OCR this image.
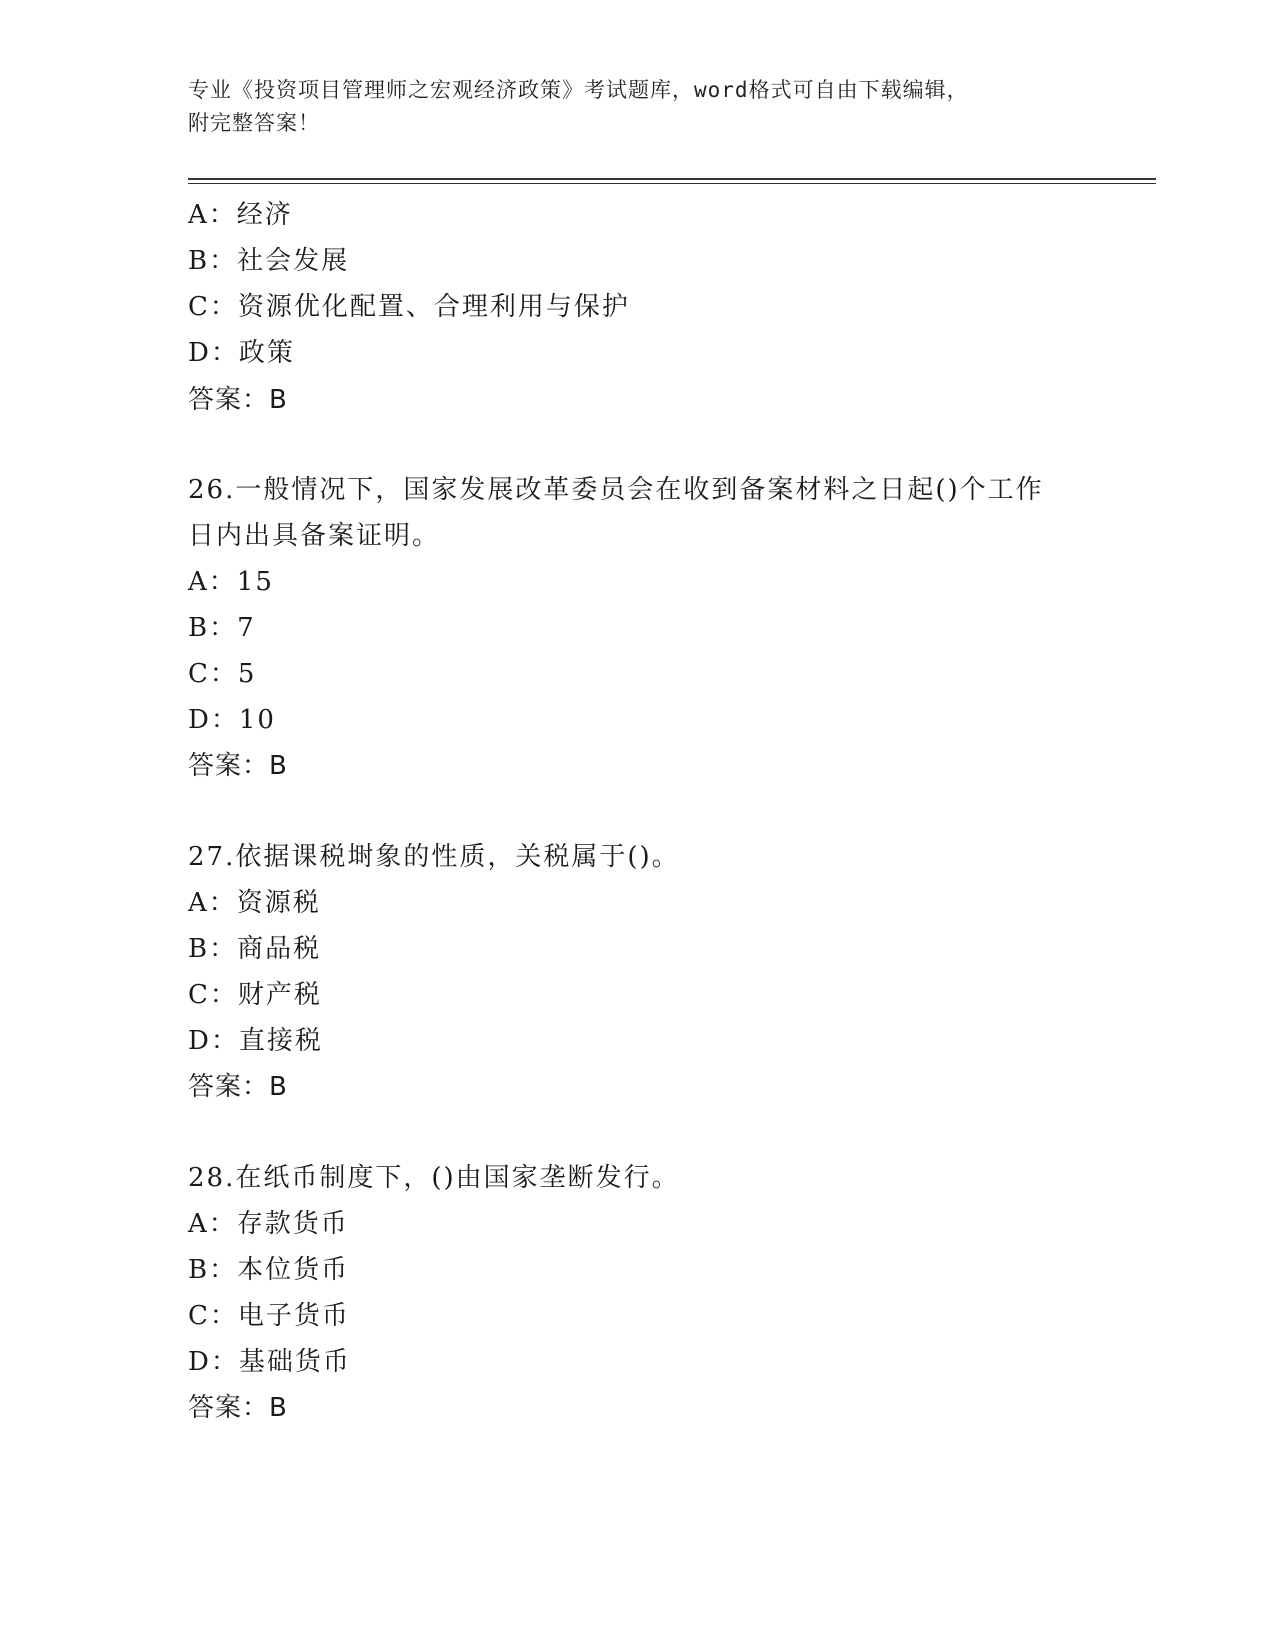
专业《投资项目管理师之宏观经济政策》考试题库，word格式可自由下载编辑，
附完整答案！
A：经济
B：社会发展
C：资源优化配置、合理利用与保护
D：政策
答案：B
26.一般情况下，国家发展改革委员会在收到备案材料之日起()个工作
日内出具备案证明。
A：15
B：7
C：5
D：10
答案：B
27.依据课税埘象的性质，关税属于()。
A：资源税
B：商品税
C：财产税
D：直接税
答案：B
28.在纸币制度下，()由国家垄断发行。
A：存款货币
B：本位货币
C：电子货币
D：基础货币
答案：B
